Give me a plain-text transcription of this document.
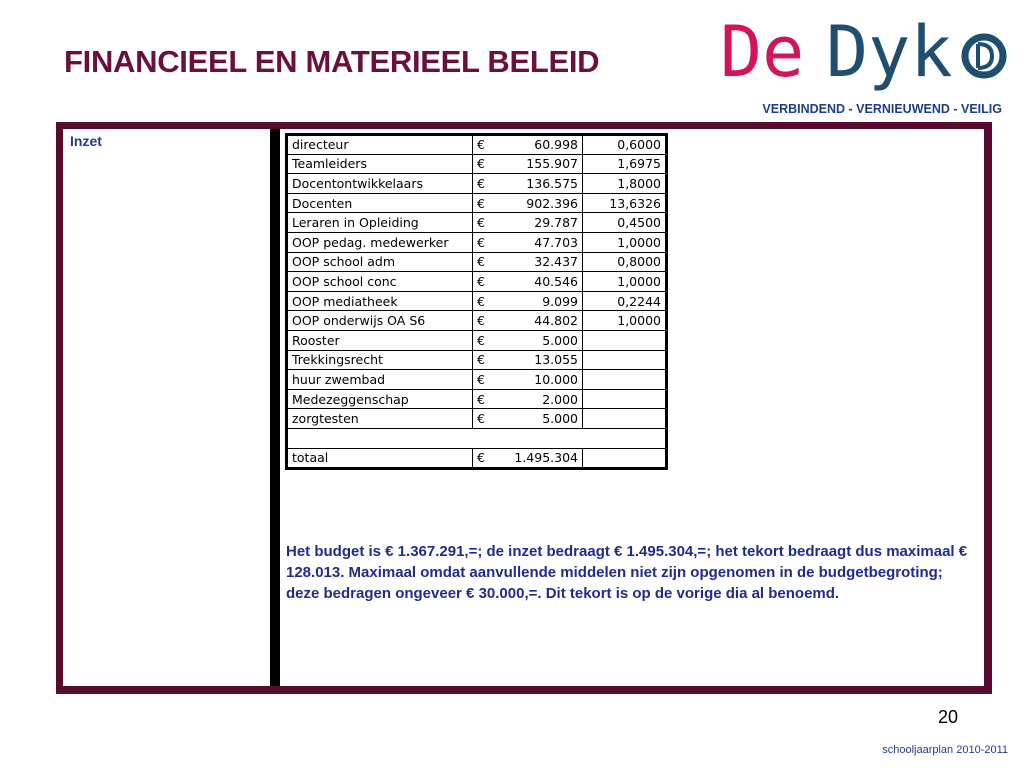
FINANCIEEL EN MATERIEEL BELEID De Dyk
VERBINDEND - VERNIEUWEND - VEILIG
Inzet	directeur	€	60.998	0,6000
Teamleiders	€	155.907	1,6975
Docentontwikkelaars	€	136.575	1,8000
Docenten	€	902.396	13,6326
Leraren in Opleiding	€	29.787	0,4500
OOP pedag. medewerker	€	47.703	1,0000
OOP school adm	€	32.437	0,8000
OOP school conc	€	40.546	1,0000
OOP mediatheek	€	9.099	0,2244
OOP onderwijs OA S6	€	44.802	1,0000
Rooster	€	5.000	
Trekkingsrecht	€	13.055	
huur zwembad	€	10.000	
Medezeggenschap	€	2.000	
zorgtesten	€	5.000	

totaal	€	1.495.304	
Het budget is € 1.367.291,=; de inzet bedraagt € 1.495.304,=; het tekort bedraagt dus maximaal € 128.013. Maximaal omdat aanvullende middelen niet zijn opgenomen in de budgetbegroting; deze bedragen ongeveer € 30.000,=. Dit tekort is op de vorige dia al benoemd.
20
schooljaarplan 2010-2011
